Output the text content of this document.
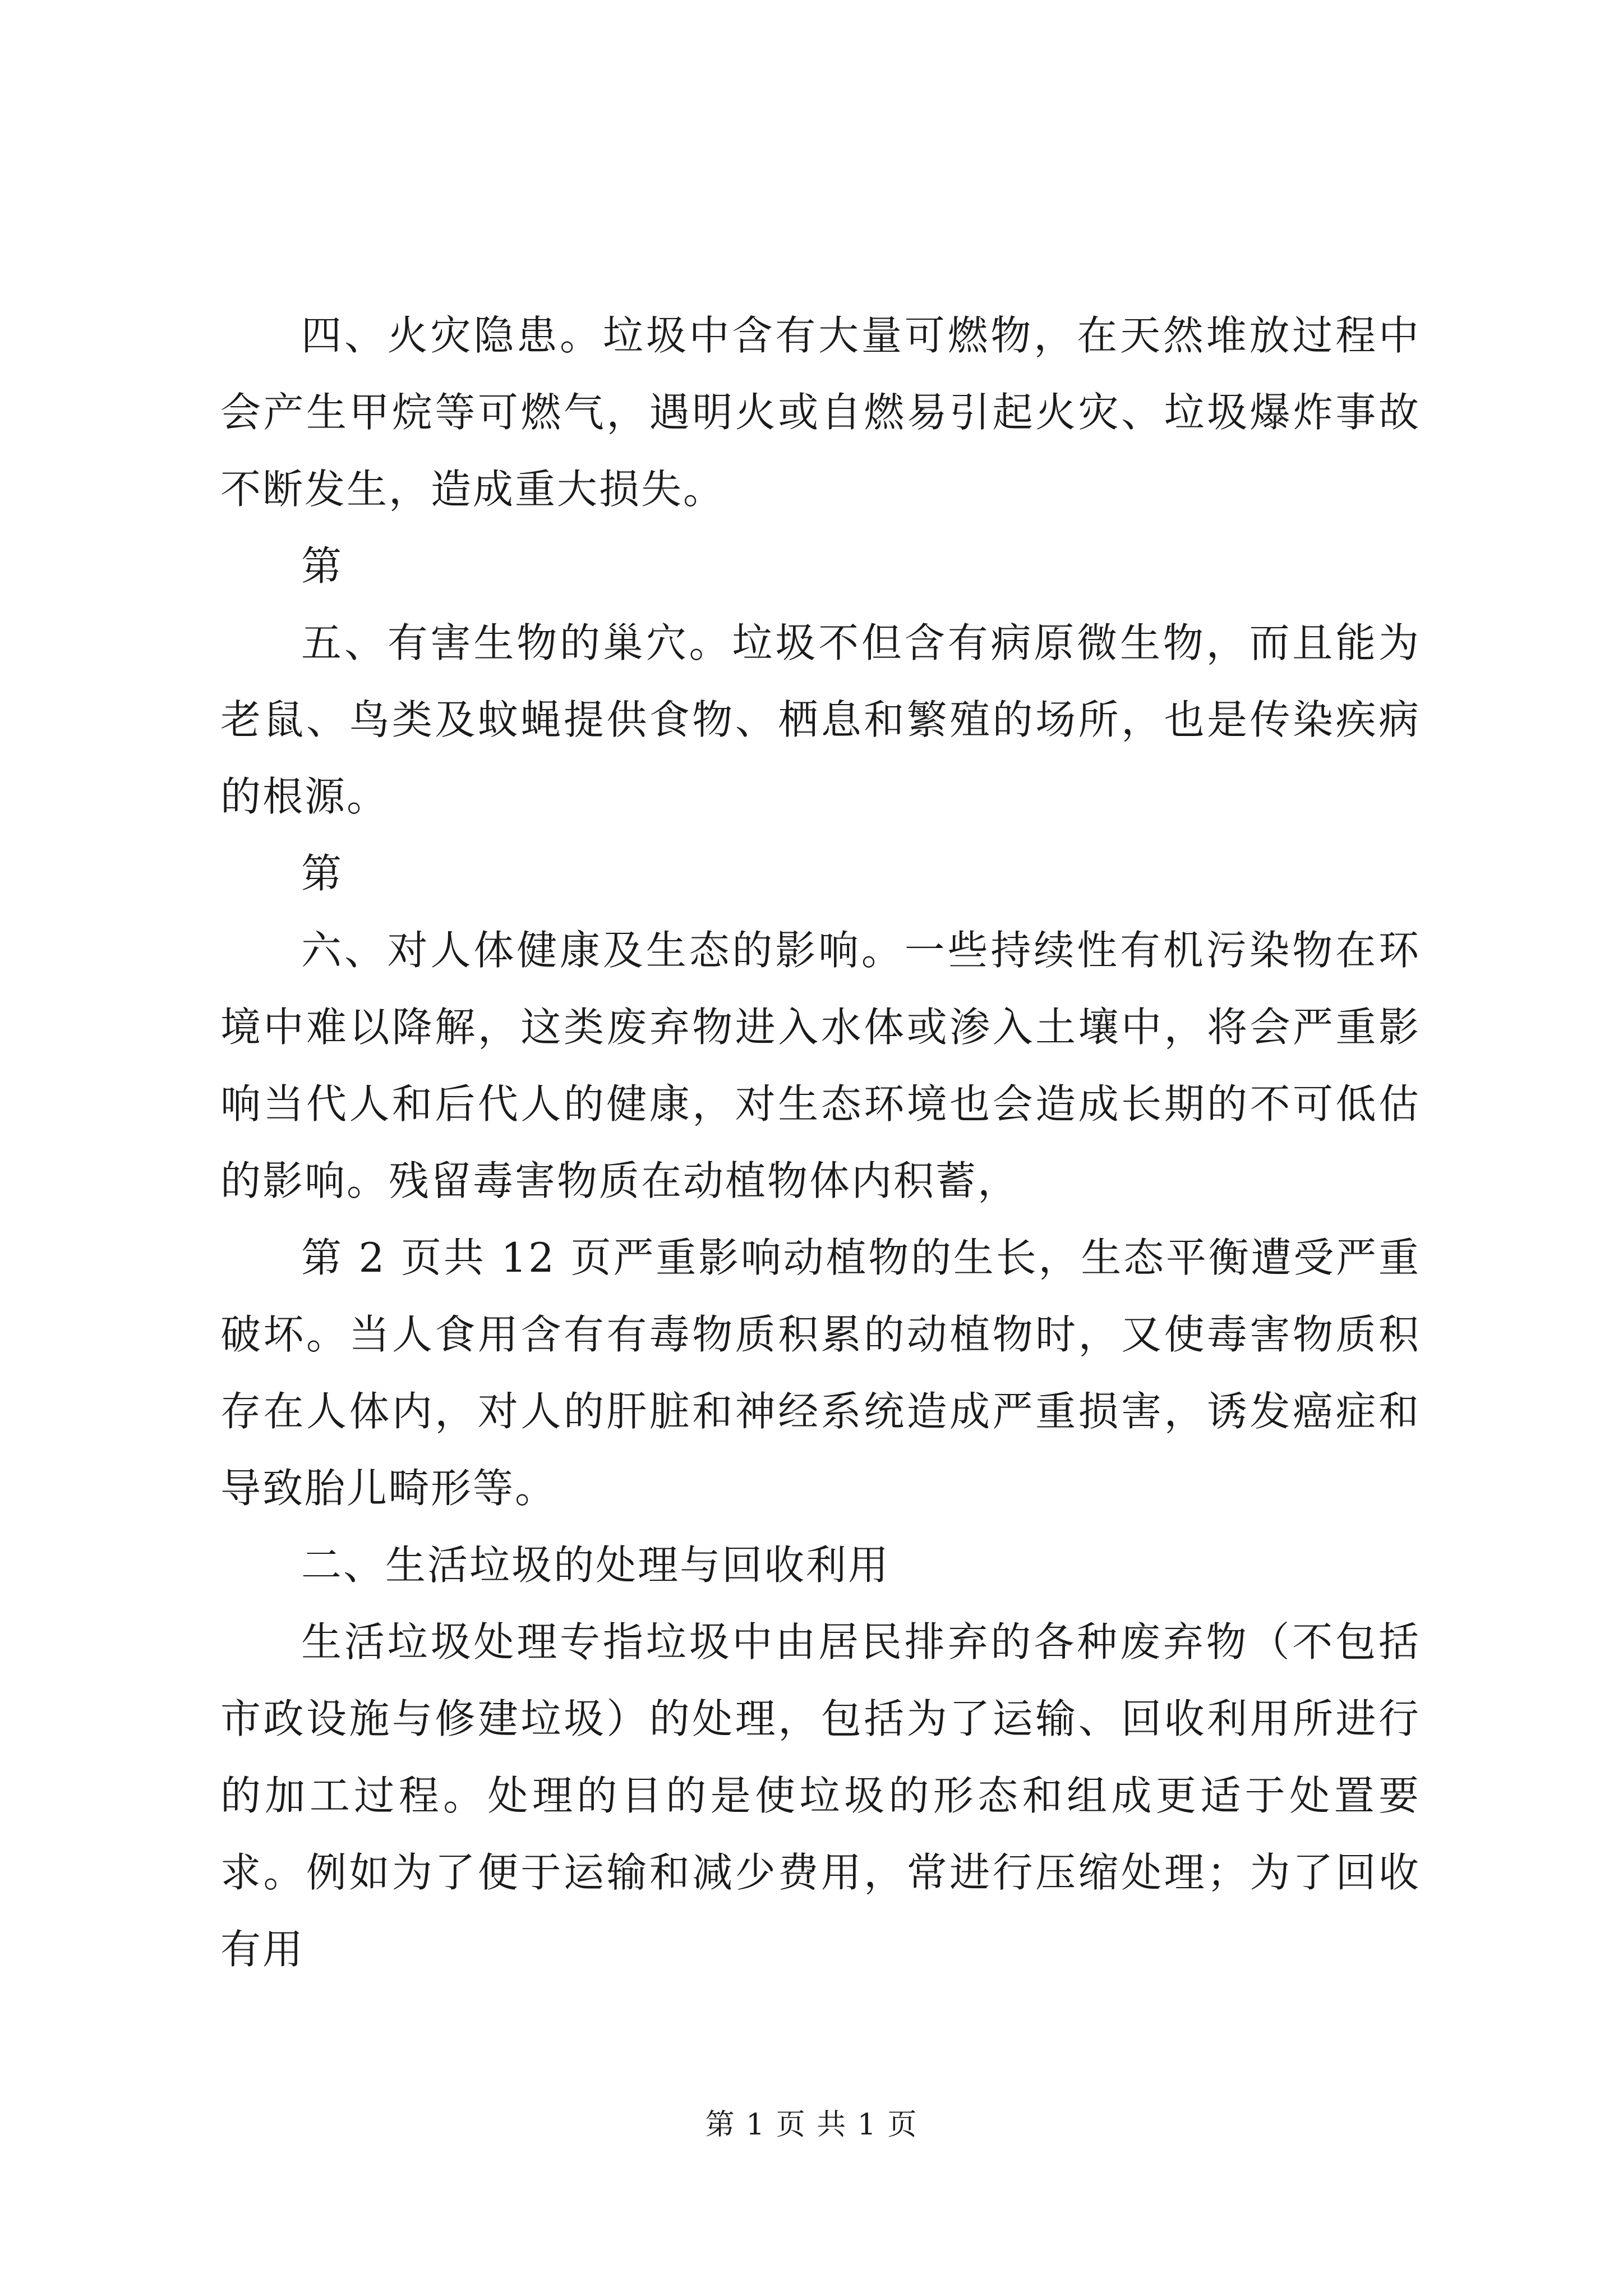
四、火灾隐患。垃圾中含有大量可燃物，在天然堆放过程中会产生甲烷等可燃气，遇明火或自燃易引起火灾、垃圾爆炸事故不断发生，造成重大损失。

第

五、有害生物的巢穴。垃圾不但含有病原微生物，而且能为老鼠、鸟类及蚊蝇提供食物、栖息和繁殖的场所，也是传染疾病的根源。

第

六、对人体健康及生态的影响。一些持续性有机污染物在环境中难以降解，这类废弃物进入水体或渗入土壤中，将会严重影响当代人和后代人的健康，对生态环境也会造成长期的不可低估的影响。残留毒害物质在动植物体内积蓄，

第 2 页共 12 页严重影响动植物的生长，生态平衡遭受严重破坏。当人食用含有有毒物质积累的动植物时，又使毒害物质积存在人体内，对人的肝脏和神经系统造成严重损害，诱发癌症和导致胎儿畸形等。

二、生活垃圾的处理与回收利用

生活垃圾处理专指垃圾中由居民排弃的各种废弃物（不包括市政设施与修建垃圾）的处理，包括为了运输、回收利用所进行的加工过程。处理的目的是使垃圾的形态和组成更适于处置要求。例如为了便于运输和减少费用，常进行压缩处理；为了回收有用

第 1 页 共 1 页
